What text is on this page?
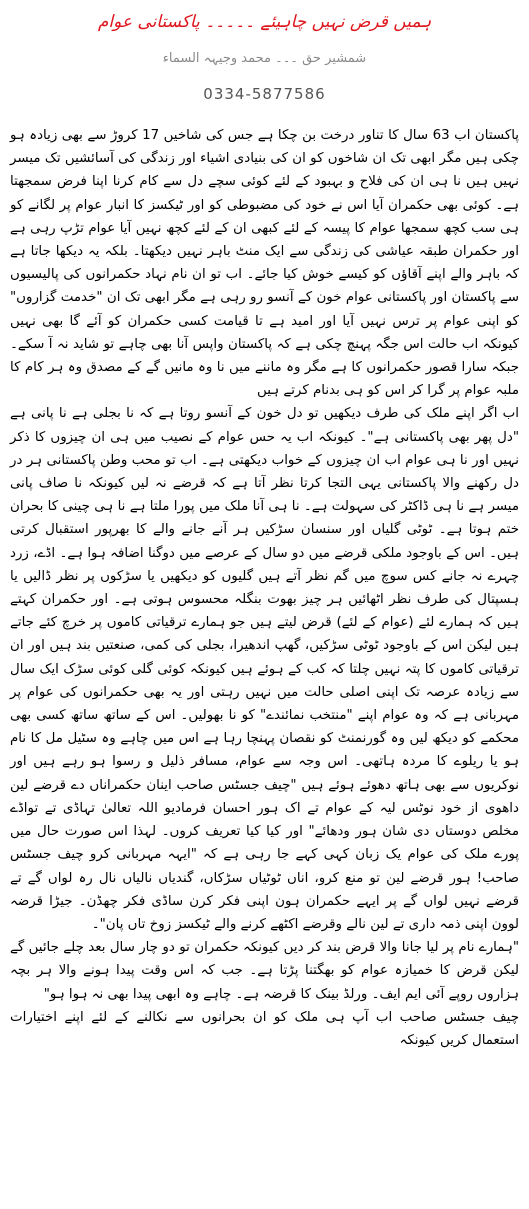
ہمیں قرض نہیں چاہیئے ۔۔۔۔۔ پاکستانی عوام
شمشیر حق ۔۔۔ محمد وجیہہ السماء
0334-5877586

پاکستان اب 63 سال کا تناور درخت بن چکا ہے جس کی شاخیں 17 کروڑ سے بھی زیادہ ہو چکی ہیں مگر ابھی تک ان شاخوں کو ان کی بنیادی اشیاء اور زندگی کی آسائشیں تک میسر نہیں ہیں نا ہی ان کی فلاح و بہبود کے لئے کوئی سچے دل سے کام کرنا اپنا فرض سمجھتا ہے۔ کوئی بھی حکمران آیا اس نے خود کی مضبوطی کو اور ٹیکسز کا انبار عوام پر لگانے کو ہی سب کچھ سمجھا عوام کا پیسہ کے لئے کبھی ان کے لئے کچھ نہیں آیا عوام تڑپ رہی ہے اور حکمران طبقہ عیاشی کی زندگی سے ایک منٹ باہر نہیں دیکھتا۔ بلکہ یہ دیکھا جاتا ہے کہ باہر والے اپنے آقاؤں کو کیسے خوش کیا جائے۔ اب تو ان نام نہاد حکمرانوں کی پالیسیوں سے پاکستان اور پاکستانی عوام خون کے آنسو رو رہی ہے مگر ابھی تک ان "خدمت گزاروں" کو اپنی عوام پر ترس نہیں آیا اور امید ہے تا قیامت کسی حکمران کو آئے گا بھی نہیں کیونکہ اب حالت اس جگہ پہنچ چکی ہے کہ پاکستان واپس آنا بھی چاہے تو شاید نہ آ سکے۔ جبکہ سارا قصور حکمرانوں کا ہے مگر وہ ماننے میں نا وہ مانیں گے کے مصدق وہ ہر کام کا ملبہ عوام پر گرا کر اس کو ہی بدنام کرتے ہیں

اب اگر اپنے ملک کی طرف دیکھیں تو دل خون کے آنسو روتا ہے کہ نا بجلی ہے نا پانی ہے "دل پھر بھی پاکستانی ہے"۔ کیونکہ اب یہ حس عوام کے نصیب میں ہی ان چیزوں کا ذکر نہیں اور نا ہی عوام اب ان چیزوں کے خواب دیکھتی ہے۔ اب تو محب وطن پاکستانی ہر در دل رکھنے والا پاکستانی یہی التجا کرتا نظر آتا ہے کہ قرضے نہ لیں کیونکہ نا صاف پانی میسر ہے نا ہی ڈاکٹر کی سہولت ہے۔ نا ہی آنا ملک میں پورا ملتا ہے نا ہی چینی کا بحران ختم ہوتا ہے۔ ٹوٹی گلیاں اور سنسان سڑکیں ہر آنے جانے والے کا بھرپور استقبال کرتی ہیں۔ اس کے باوجود ملکی قرضے میں دو سال کے عرصے میں دوگنا اضافہ ہوا ہے۔ اڈے، زرد چہرے نہ جانے کس سوچ میں گم نظر آتے ہیں گلیوں کو دیکھیں یا سڑکوں پر نظر ڈالیں یا ہسپتال کی طرف نظر اٹھائیں ہر چیز بھوت بنگلہ محسوس ہوتی ہے۔ اور حکمران کہتے ہیں کہ ہمارے لئے (عوام کے لئے) قرض لیتے ہیں جو ہمارے ترقیاتی کاموں پر خرچ کئے جاتے ہیں لیکن اس کے باوجود ٹوٹی سڑکیں، گھپ اندھیرا، بجلی کی کمی، صنعتیں بند ہیں اور ان ترقیاتی کاموں کا پتہ نہیں چلتا کہ کب کے ہوئے ہیں کیونکہ کوئی گلی کوئی سڑک ایک سال سے زیادہ عرصہ تک اپنی اصلی حالت میں نہیں رہتی اور یہ بھی حکمرانوں کی عوام پر مہربانی ہے کہ وہ عوام اپنے "منتخب نمائندے" کو نا بھولیں۔ اس کے ساتھ ساتھ کسی بھی محکمے کو دیکھ لیں وہ گورنمنٹ کو نقصان پہنچا رہا ہے اس میں چاہے وہ سٹیل مل کا نام ہو یا ریلوے کا مردہ ہاتھی۔ اس وجہ سے عوام، مسافر ذلیل و رسوا ہو رہے ہیں اور نوکریوں سے بھی ہاتھ دھوئے ہوئے ہیں "چیف جسٹس صاحب اینان حکمراناں دے قرضے لین داھوی از خود نوٹس لیہ کے عوام تے اک ہور احسان فرمادیو اللہ تعالیٰ تہاڈی تے تواڈے مخلص دوستاں دی شان ہور ودھائے" اور کیا کیا تعریف کروں۔ لہذا اس صورت حال میں پورے ملک کی عوام یک زبان کہی کہے جا رہی ہے کہ "ایہہ مہربانی کرو چیف جسٹس صاحب! ہور قرضے لین تو منع کرو، اناں ٹوٹیاں سڑکاں، گندیاں نالیاں نال رہ لواں گے تے قرضے نہیں لواں گے پر ایہے حکمران ہون اپنی فکر کرن ساڈی فکر چھڈن۔ جیڑا قرضہ لوون اپنی ذمہ داری تے لین نالے وقرضے اکٹھے کرنے والے ٹیکسز زوخ تاں پان"۔

"ہمارے نام پر لیا جانا والا قرض بند کر دیں کیونکہ حکمران تو دو چار سال بعد چلے جائیں گے لیکن قرض کا خمیازہ عوام کو بھگتنا پڑتا ہے۔ جب کہ اس وقت پیدا ہونے والا ہر بچہ ہزاروں روپے آئی ایم ایف۔ ورلڈ بینک کا قرضہ ہے۔ چاہے وہ ابھی پیدا بھی نہ ہوا ہو"

چیف جسٹس صاحب اب آپ ہی ملک کو ان بحرانوں سے نکالنے کے لئے اپنے اختیارات استعمال کریں کیونکہ
